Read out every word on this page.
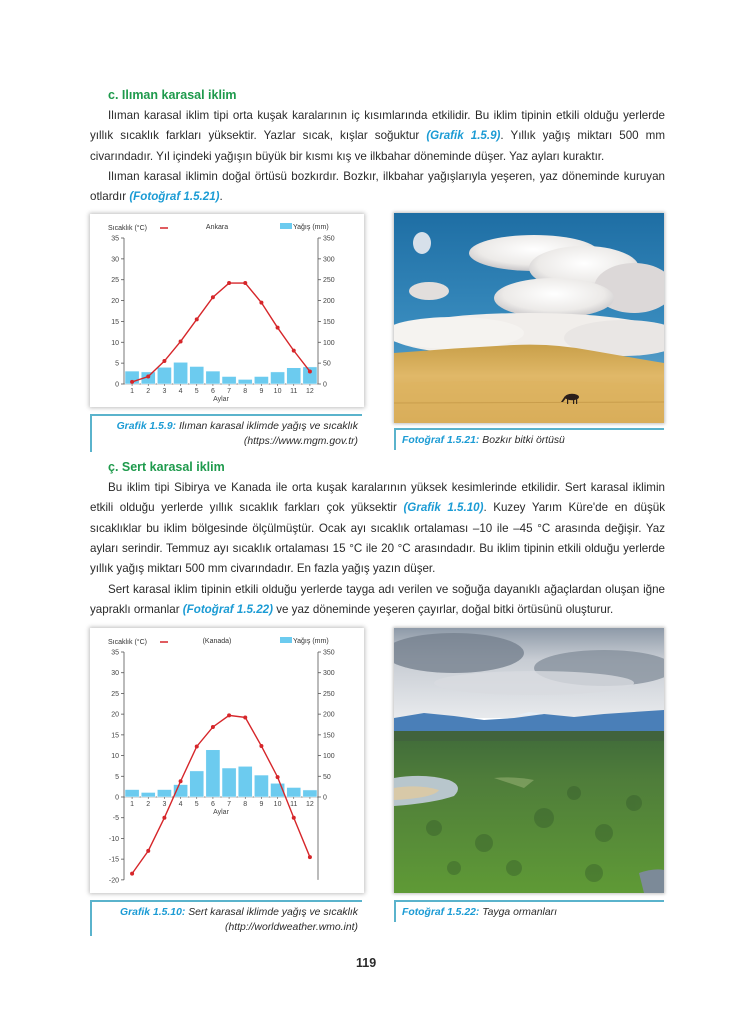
c. Ilıman karasal iklim
Ilıman karasal iklim tipi orta kuşak karalarının iç kısımlarında etkilidir. Bu iklim tipinin etkili olduğu yerlerde yıllık sıcaklık farkları yüksektir. Yazlar sıcak, kışlar soğuktur (Grafik 1.5.9). Yıllık yağış miktarı 500 mm civarındadır. Yıl içindeki yağışın büyük bir kısmı kış ve ilkbahar döneminde düşer. Yaz ayları kuraktır.
Ilıman karasal iklimin doğal örtüsü bozkırdır. Bozkır, ilkbahar yağışlarıyla yeşeren, yaz döneminde kuruyan otlardır (Fotoğraf 1.5.21).
Sıcaklık (°C)	Ankara	Yağış (mm)
0
5
10
15
20
25
30
35
0
50
100
150
200
250
300
350
1 2 3 4 5 6 7 8 9 10 11 12
Aylar
Grafik 1.5.9: Ilıman karasal iklimde yağış ve sıcaklık
(https://www.mgm.gov.tr)	Fotoğraf 1.5.21: Bozkır bitki örtüsü
ç. Sert karasal iklim
Bu iklim tipi Sibirya ve Kanada ile orta kuşak karalarının yüksek kesimlerinde etkilidir. Sert karasal iklimin etkili olduğu yerlerde yıllık sıcaklık farkları çok yüksektir (Grafik 1.5.10). Kuzey Yarım Küre'de en düşük sıcaklıklar bu iklim bölgesinde ölçülmüştür. Ocak ayı sıcaklık ortalaması –10 ile –45 °C arasında değişir. Yaz ayları serindir. Temmuz ayı sıcaklık ortalaması 15 °C ile 20 °C arasındadır. Bu iklim tipinin etkili olduğu yerlerde yıllık yağış miktarı 500 mm civarındadır. En fazla yağış yazın düşer.
Sert karasal iklim tipinin etkili olduğu yerlerde tayga adı verilen ve soğuğa dayanıklı ağaçlardan oluşan iğne yapraklı ormanlar (Fotoğraf 1.5.22) ve yaz döneminde yeşeren çayırlar, doğal bitki örtüsünü oluşturur.
Sıcaklık (°C)	(Kanada)	Yağış (mm)
-20
-15
-10
-5
0
5
10
15
20
25
30
35
0
50
100
150
200
250
300
350
1 2 3 4 5 6 7 8 9 10 11 12
Aylar
Grafik 1.5.10: Sert karasal iklimde yağış ve sıcaklık
(http://worldweather.wmo.int)
Fotoğraf 1.5.22: Tayga ormanları
119
